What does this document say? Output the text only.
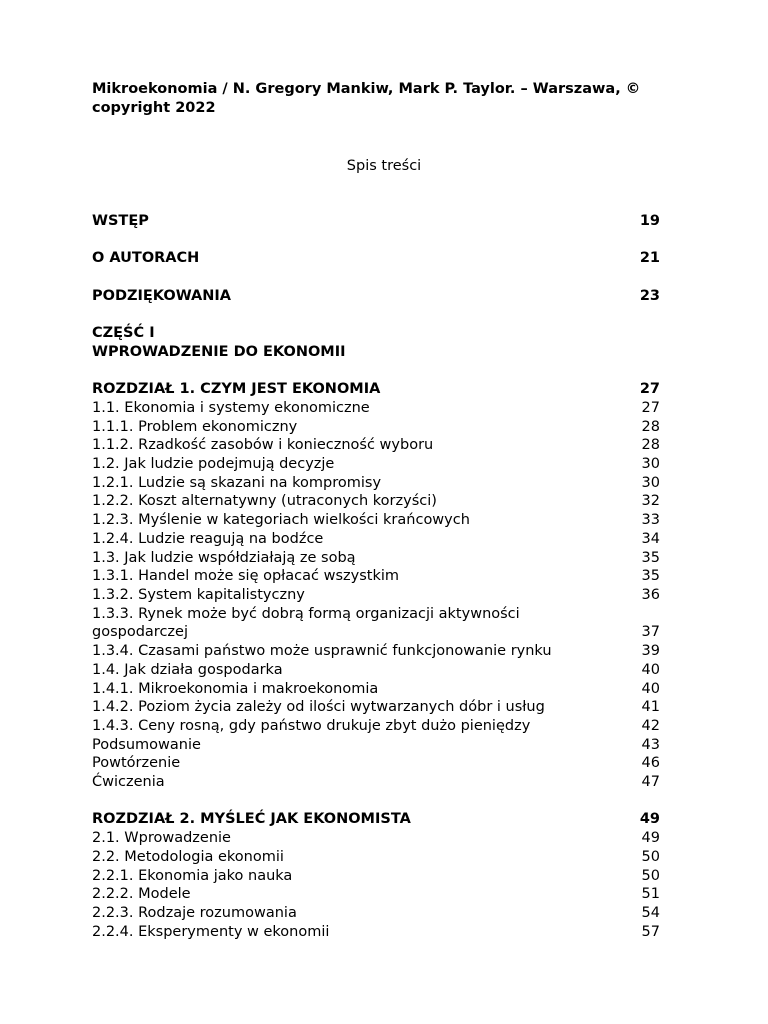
Mikroekonomia / N. Gregory Mankiw, Mark P. Taylor. – Warszawa, © copyright 2022
Spis treści
WSTĘP	19
O AUTORACH	21
PODZIĘKOWANIA	23
CZĘŚĆ I
WPROWADZENIE DO EKONOMII
ROZDZIAŁ 1. CZYM JEST EKONOMIA	27
1.1. Ekonomia i systemy ekonomiczne	27
1.1.1. Problem ekonomiczny	28
1.1.2. Rzadkość zasobów i konieczność wyboru	28
1.2. Jak ludzie podejmują decyzje	30
1.2.1. Ludzie są skazani na kompromisy	30
1.2.2. Koszt alternatywny (utraconych korzyści)	32
1.2.3. Myślenie w kategoriach wielkości krańcowych	33
1.2.4. Ludzie reagują na bodźce	34
1.3. Jak ludzie współdziałają ze sobą	35
1.3.1. Handel może się opłacać wszystkim	35
1.3.2. System kapitalistyczny	36
1.3.3. Rynek może być dobrą formą organizacji aktywności
gospodarczej	37
1.3.4. Czasami państwo może usprawnić funkcjonowanie rynku	39
1.4. Jak działa gospodarka	40
1.4.1. Mikroekonomia i makroekonomia	40
1.4.2. Poziom życia zależy od ilości wytwarzanych dóbr i usług	41
1.4.3. Ceny rosną, gdy państwo drukuje zbyt dużo pieniędzy	42
Podsumowanie	43
Powtórzenie	46
Ćwiczenia	47
ROZDZIAŁ 2. MYŚLEĆ JAK EKONOMISTA	49
2.1. Wprowadzenie	49
2.2. Metodologia ekonomii	50
2.2.1. Ekonomia jako nauka	50
2.2.2. Modele	51
2.2.3. Rodzaje rozumowania	54
2.2.4. Eksperymenty w ekonomii	57
